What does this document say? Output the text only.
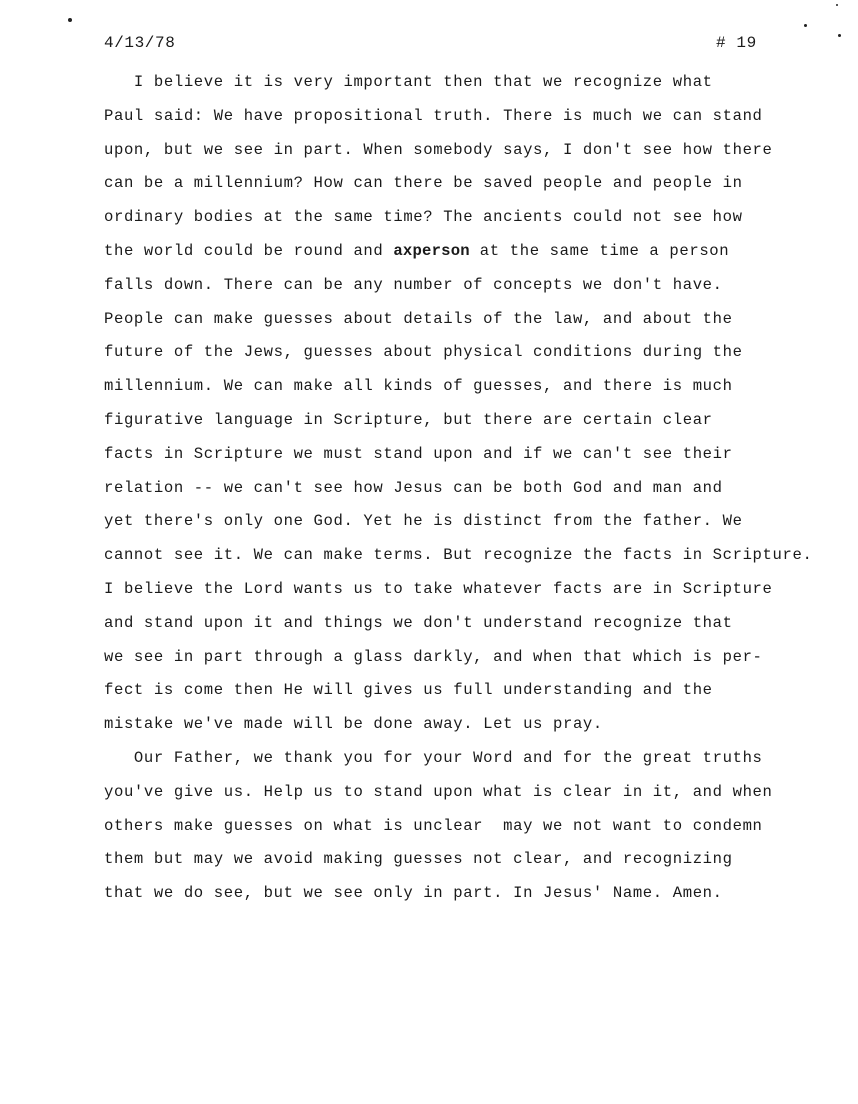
4/13/78	# 19
I believe it is very important then that we recognize what
Paul said: We have propositional truth. There is much we can stand
upon, but we see in part. When somebody says, I don't see how there
can be a millennium? How can there be saved people and people in
ordinary bodies at the same time? The ancients could not see how
the world could be round and axperson at the same time a person
falls down. There can be any number of concepts we don't have.
People can make guesses about details of the law, and about the
future of the Jews, guesses about physical conditions during the
millennium. We can make all kinds of guesses, and there is much
figurative language in Scripture, but there are certain clear
facts in Scripture we must stand upon and if we can't see their
relation -- we can't see how Jesus can be both God and man and
yet there's only one God. Yet he is distinct from the father. We
cannot see it. We can make terms. But recognize the facts in Scripture.
I believe the Lord wants us to take whatever facts are in Scripture
and stand upon it and things we don't understand recognize that
we see in part through a glass darkly, and when that which is per-
fect is come then He will gives us full understanding and the
mistake we've made will be done away. Let us pray.
Our Father, we thank you for your Word and for the great truths
you've give us. Help us to stand upon what is clear in it, and when
others make guesses on what is unclear  may we not want to condemn
them but may we avoid making guesses not clear, and recognizing
that we do see, but we see only in part. In Jesus' Name. Amen.
